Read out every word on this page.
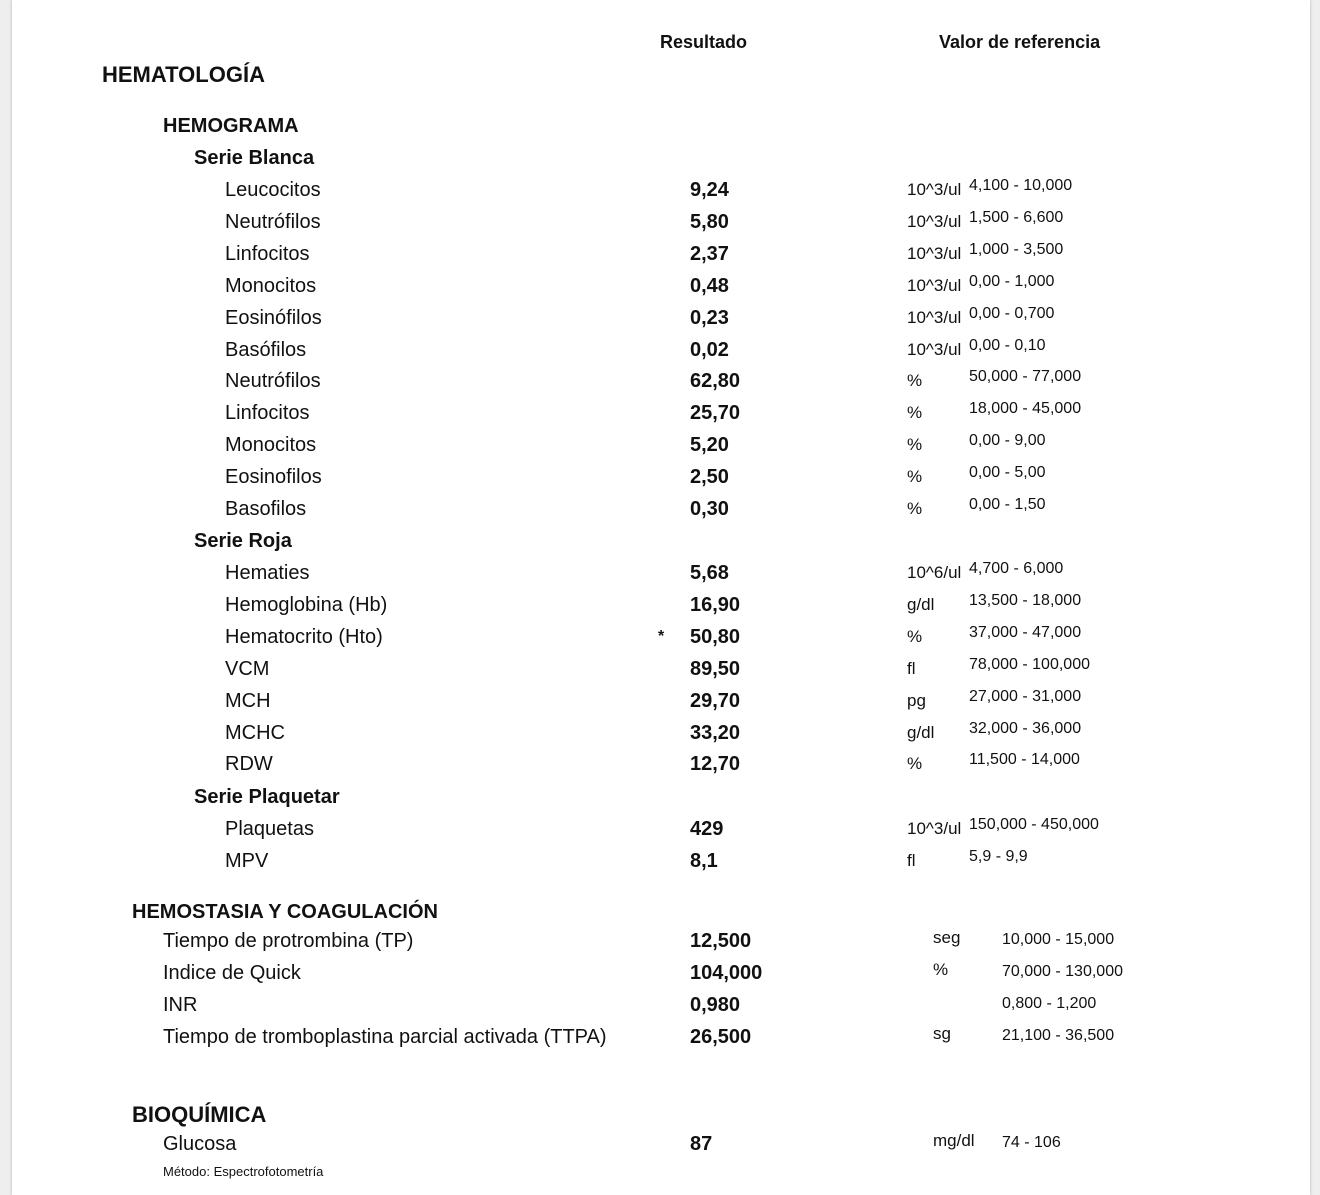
Resultado	Valor de referencia
HEMATOLOGÍA
HEMOGRAMA
Serie Blanca
Leucocitos	9,24	10^3/ul 4,100 - 10,000
Neutrófilos	5,80	10^3/ul 1,500 - 6,600
Linfocitos	2,37	10^3/ul 1,000 - 3,500
Monocitos	0,48	10^3/ul 0,00 - 1,000
Eosinófilos	0,23	10^3/ul 0,00 - 0,700
Basófilos	0,02	10^3/ul 0,00 - 0,10
Neutrófilos	62,80	%	50,000 - 77,000
Linfocitos	25,70	%	18,000 - 45,000
Monocitos	5,20	%	0,00 - 9,00
Eosinofilos	2,50	%	0,00 - 5,00
Basofilos	0,30	%	0,00 - 1,50
Serie Roja
Hematies	5,68	10^6/ul 4,700 - 6,000
Hemoglobina (Hb)	16,90	g/dl 13,500 - 18,000
Hematocrito (Hto)	* 50,80	%	37,000 - 47,000
VCM	89,50	fl	78,000 - 100,000
MCH	29,70	pg	27,000 - 31,000
MCHC	33,20	g/dl 32,000 - 36,000
RDW	12,70	%	11,500 - 14,000
Serie Plaquetar
Plaquetas	429	10^3/ul 150,000 - 450,000
MPV	8,1	fl	5,9 - 9,9
HEMOSTASIA Y COAGULACIÓN
Tiempo de protrombina (TP)	12,500	seg	10,000 - 15,000
Indice de Quick	104,000	%	70,000 - 130,000
INR	0,980	0,800 - 1,200
Tiempo de tromboplastina parcial activada (TTPA)	26,500	sg	21,100 - 36,500
BIOQUÍMICA
Glucosa	87	mg/dl 74 - 106
Método: Espectrofotometría
